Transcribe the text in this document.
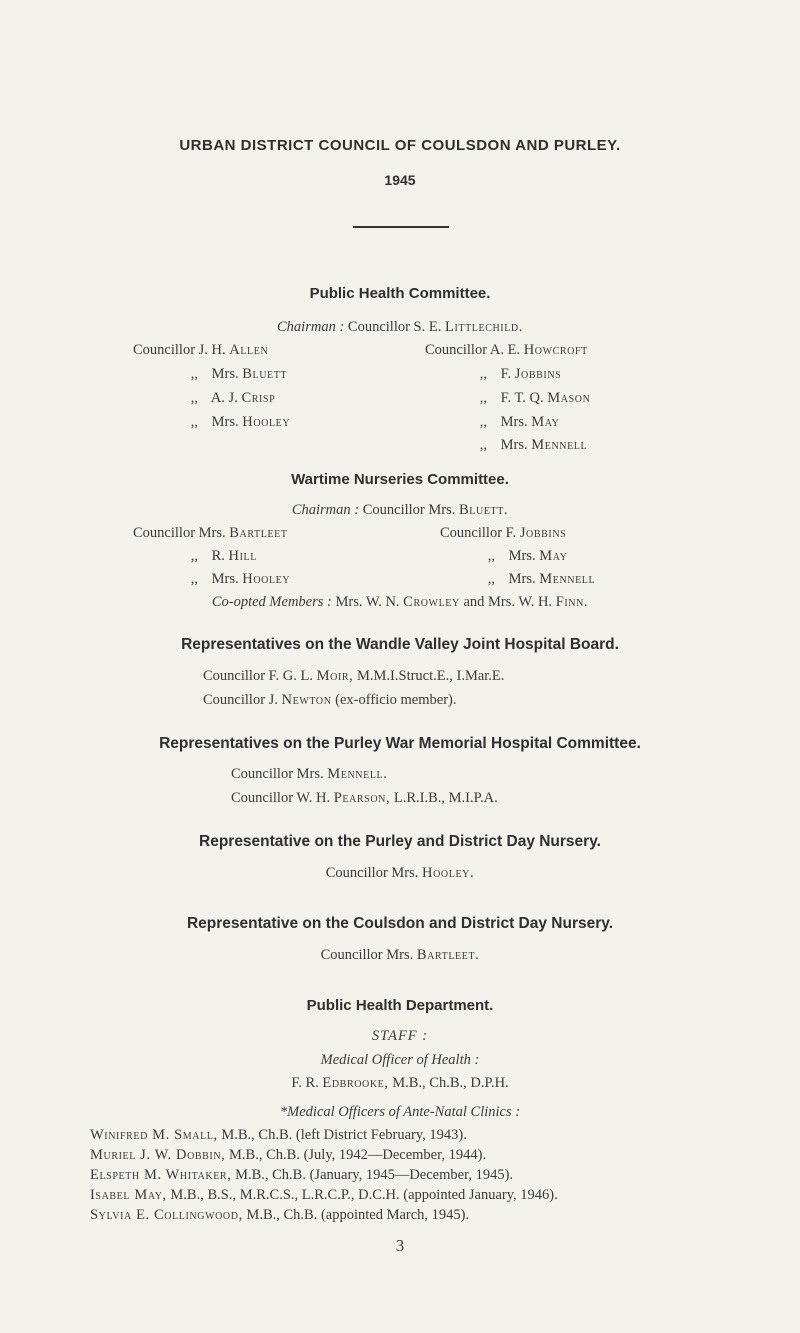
URBAN DISTRICT COUNCIL OF COULSDON AND PURLEY.
1945
Public Health Committee.
Chairman : Councillor S. E. Littlechild.
Councillor J. H. Allen
,, Mrs. Bluett
,, A. J. Crisp
,, Mrs. Hooley
Councillor A. E. Howcroft
,, F. Jobbins
,, F. T. Q. Mason
,, Mrs. May
,, Mrs. Mennell
Wartime Nurseries Committee.
Chairman : Councillor Mrs. Bluett.
Councillor Mrs. Bartleet
,, R. Hill
,, Mrs. Hooley
Councillor F. Jobbins
,, Mrs. May
,, Mrs. Mennell
Co-opted Members : Mrs. W. N. Crowley and Mrs. W. H. Finn.
Representatives on the Wandle Valley Joint Hospital Board.
Councillor F. G. L. Moir, M.M.I.Struct.E., I.Mar.E.
Councillor J. Newton (ex-officio member).
Representatives on the Purley War Memorial Hospital Committee.
Councillor Mrs. Mennell.
Councillor W. H. Pearson, L.R.I.B., M.I.P.A.
Representative on the Purley and District Day Nursery.
Councillor Mrs. Hooley.
Representative on the Coulsdon and District Day Nursery.
Councillor Mrs. Bartleet.
Public Health Department.
STAFF :
Medical Officer of Health :
F. R. Edbrooke, M.B., Ch.B., D.P.H.
*Medical Officers of Ante-Natal Clinics :
Winifred M. Small, M.B., Ch.B. (left District February, 1943).
Muriel J. W. Dobbin, M.B., Ch.B. (July, 1942—December, 1944).
Elspeth M. Whitaker, M.B., Ch.B. (January, 1945—December, 1945).
Isabel May, M.B., B.S., M.R.C.S., L.R.C.P., D.C.H. (appointed January, 1946).
Sylvia E. Collingwood, M.B., Ch.B. (appointed March, 1945).
3
